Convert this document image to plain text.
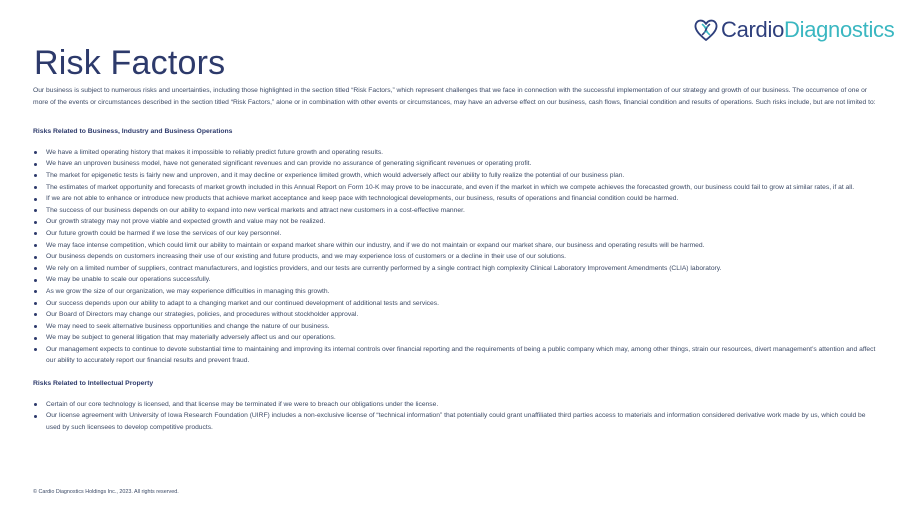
Risk Factors
CardioDiagnostics

Our business is subject to numerous risks and uncertainties, including those highlighted in the section titled “Risk Factors,” which represent challenges that we face in connection with the successful implementation of our strategy and growth of our business. The occurrence of one or more of the events or circumstances described in the section titled “Risk Factors,” alone or in combination with other events or circumstances, may have an adverse effect on our business, cash flows, financial condition and results of operations. Such risks include, but are not limited to:

Risks Related to Business, Industry and Business Operations
We have a limited operating history that makes it impossible to reliably predict future growth and operating results.
We have an unproven business model, have not generated significant revenues and can provide no assurance of generating significant revenues or operating profit.
The market for epigenetic tests is fairly new and unproven, and it may decline or experience limited growth, which would adversely affect our ability to fully realize the potential of our business plan.
The estimates of market opportunity and forecasts of market growth included in this Annual Report on Form 10-K may prove to be inaccurate, and even if the market in which we compete achieves the forecasted growth, our business could fail to grow at similar rates, if at all.
If we are not able to enhance or introduce new products that achieve market acceptance and keep pace with technological developments, our business, results of operations and financial condition could be harmed.
The success of our business depends on our ability to expand into new vertical markets and attract new customers in a cost-effective manner.
Our growth strategy may not prove viable and expected growth and value may not be realized.
Our future growth could be harmed if we lose the services of our key personnel.
We may face intense competition, which could limit our ability to maintain or expand market share within our industry, and if we do not maintain or expand our market share, our business and operating results will be harmed.
Our business depends on customers increasing their use of our existing and future products, and we may experience loss of customers or a decline in their use of our solutions.
We rely on a limited number of suppliers, contract manufacturers, and logistics providers, and our tests are currently performed by a single contract high complexity Clinical Laboratory Improvement Amendments (CLIA) laboratory.
We may be unable to scale our operations successfully.
As we grow the size of our organization, we may experience difficulties in managing this growth.
Our success depends upon our ability to adapt to a changing market and our continued development of additional tests and services.
Our Board of Directors may change our strategies, policies, and procedures without stockholder approval.
We may need to seek alternative business opportunities and change the nature of our business.
We may be subject to general litigation that may materially adversely affect us and our operations.
Our management expects to continue to devote substantial time to maintaining and improving its internal controls over financial reporting and the requirements of being a public company which may, among other things, strain our resources, divert management’s attention and affect our ability to accurately report our financial results and prevent fraud.
Risks Related to Intellectual Property
Certain of our core technology is licensed, and that license may be terminated if we were to breach our obligations under the license.
Our license agreement with University of Iowa Research Foundation (UIRF) includes a non-exclusive license of “technical information” that potentially could grant unaffiliated third parties access to materials and information considered derivative work made by us, which could be used by such licensees to develop competitive products.
© Cardio Diagnostics Holdings Inc., 2023. All rights reserved.
